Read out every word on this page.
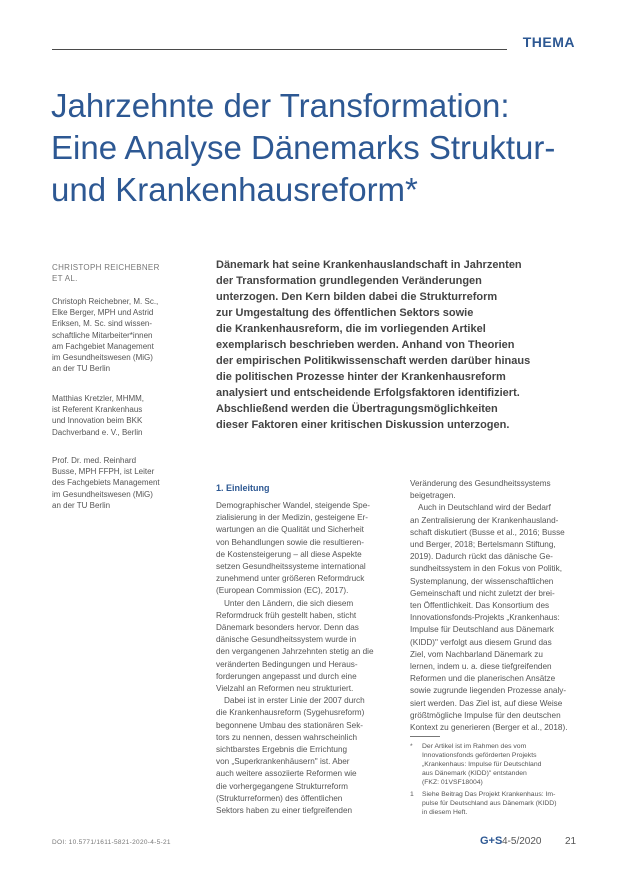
THEMA
Jahrzehnte der Transformation:
Eine Analyse Dänemarks Struktur-
und Krankenhausreform*
CHRISTOPH REICHEBNER
ET AL.
Christoph Reichebner, M. Sc.,
Elke Berger, MPH und Astrid
Eriksen, M. Sc. sind wissen-
schaftliche Mitarbeiter*innen
am Fachgebiet Management
im Gesundheitswesen (MiG)
an der TU Berlin
Matthias Kretzler, MHMM,
ist Referent Krankenhaus
und Innovation beim BKK
Dachverband e. V., Berlin
Prof. Dr. med. Reinhard
Busse, MPH FFPH, ist Leiter
des Fachgebiets Management
im Gesundheitswesen (MiG)
an der TU Berlin
Dänemark hat seine Krankenhauslandschaft in Jahrzenten
der Transformation grundlegenden Veränderungen
unterzogen. Den Kern bilden dabei die Strukturreform
zur Umgestaltung des öffentlichen Sektors sowie
die Krankenhausreform, die im vorliegenden Artikel
exemplarisch beschrieben werden. Anhand von Theorien
der empirischen Politikwissenschaft werden darüber hinaus
die politischen Prozesse hinter der Krankenhausreform
analysiert und entscheidende Erfolgsfaktoren identifiziert.
Abschließend werden die Übertragungsmöglichkeiten
dieser Faktoren einer kritischen Diskussion unterzogen.
1. Einleitung
Demographischer Wandel, steigende Spe-
zialisierung in der Medizin, gesteigene Er-
wartungen an die Qualität und Sicherheit
von Behandlungen sowie die resultieren-
de Kostensteigerung – all diese Aspekte
setzen Gesundheitssysteme international
zunehmend unter größeren Reformdruck
(European Commission (EC), 2017).
Unter den Ländern, die sich diesem
Reformdruck früh gestellt haben, sticht
Dänemark besonders hervor. Denn das
dänische Gesundheitssystem wurde in
den vergangenen Jahrzehnten stetig an die
veränderten Bedingungen und Heraus-
forderungen angepasst und durch eine
Vielzahl an Reformen neu strukturiert.
Dabei ist in erster Linie der 2007 durch
die Krankenhausreform (Sygehusreform)
begonnene Umbau des stationären Sek-
tors zu nennen, dessen wahrscheinlich
sichtbarstes Ergebnis die Errichtung
von „Superkrankenhäusern" ist. Aber
auch weitere assoziierte Reformen wie
die vorhergegangene Strukturreform
(Strukturreformen) des öffentlichen
Sektors haben zu einer tiefgreifenden
Veränderung des Gesundheitssystems
beigetragen.
Auch in Deutschland wird der Bedarf
an Zentralisierung der Krankenhausland-
schaft diskutiert (Busse et al., 2016; Busse
und Berger, 2018; Bertelsmann Stiftung,
2019). Dadurch rückt das dänische Ge-
sundheitssystem in den Fokus von Politik,
Systemplanung, der wissenschaftlichen
Gemeinschaft und nicht zuletzt der brei-
ten Öffentlichkeit. Das Konsortium des
Innovationsfonds-Projekts „Krankenhaus:
Impulse für Deutschland aus Dänemark
(KIDD)" verfolgt aus diesem Grund das
Ziel, vom Nachbarland Dänemark zu
lernen, indem u. a. diese tiefgreifenden
Reformen und die planerischen Ansätze
sowie zugrunde liegenden Prozesse analy-
siert werden. Das Ziel ist, auf diese Weise
größtmögliche Impulse für den deutschen
Kontext zu generieren (Berger et al., 2018).
* Der Artikel ist im Rahmen des vom
Innovationsfonds geförderten Projekts
„Krankenhaus: Impulse für Deutschland
aus Dänemark (KIDD)" entstanden
(FKZ: 01VSF18004)
1 Siehe Beitrag Das Projekt Krankenhaus: Im-
pulse für Deutschland aus Dänemark (KIDD)
in diesem Heft.
DOI: 10.5771/1611-5821-2020-4-5-21	G+S 4-5/2020 21
